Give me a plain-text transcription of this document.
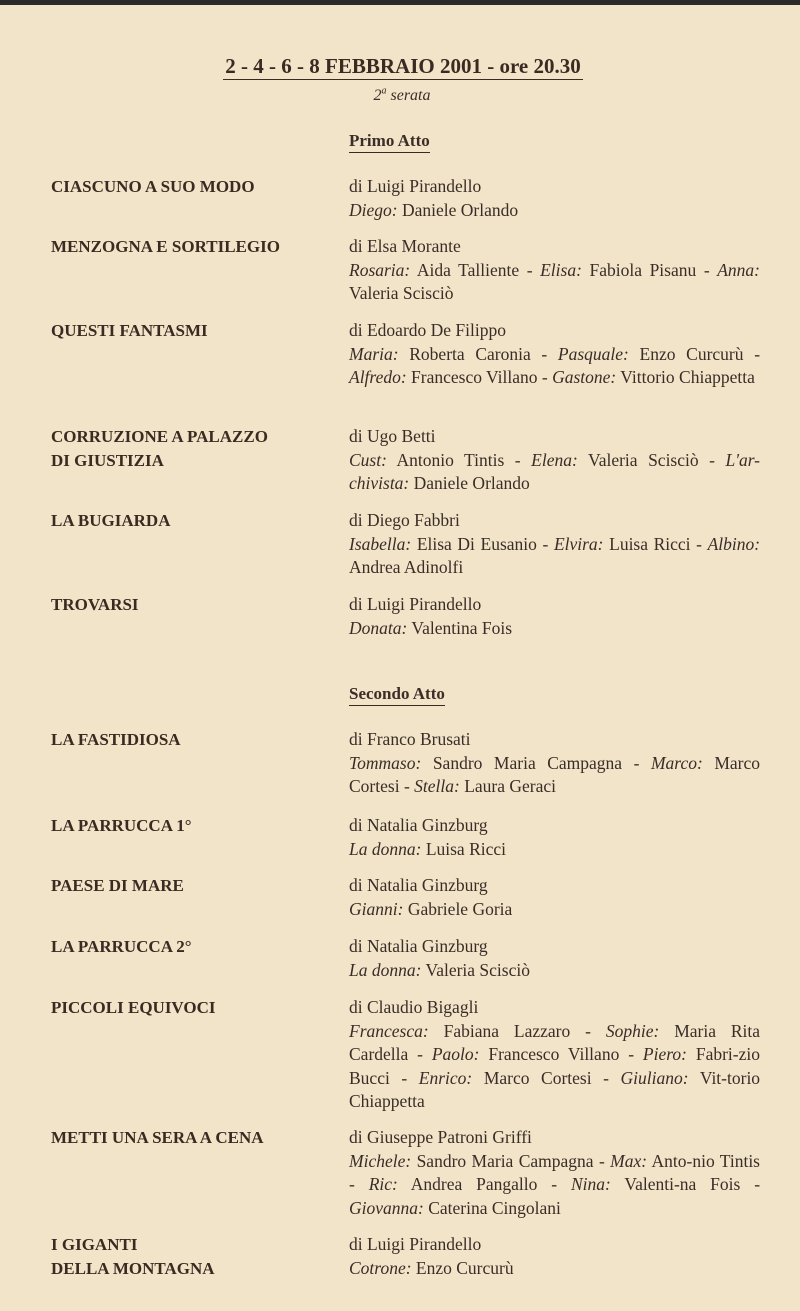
2 - 4 - 6 - 8 FEBBRAIO 2001 - ore 20.30
2$^a$ serata
Primo Atto
CIASCUNO A SUO MODO	di Luigi Pirandello
Diego: Daniele Orlando
MENZOGNA E SORTILEGIO	di Elsa Morante
Rosaria: Aida Talliente - Elisa: Fabiola Pisanu - Anna: Valeria Scisciò
QUESTI FANTASMI	di Edoardo De Filippo
Maria: Roberta Caronia - Pasquale: Enzo Curcurù - Alfredo: Francesco Villano - Gastone: Vittorio Chiappetta
CORRUZIONE A PALAZZO
DI GIUSTIZIA
di Ugo Betti
Cust: Antonio Tintis - Elena: Valeria Scisciò - L'ar-chivista: Daniele Orlando
LA BUGIARDA	di Diego Fabbri
Isabella: Elisa Di Eusanio - Elvira: Luisa Ricci - Albino: Andrea Adinolfi
TROVARSI	di Luigi Pirandello
Donata: Valentina Fois
Secondo Atto
LA FASTIDIOSA	di Franco Brusati
Tommaso: Sandro Maria Campagna - Marco: Marco Cortesi - Stella: Laura Geraci
LA PARRUCCA 1°	di Natalia Ginzburg
La donna: Luisa Ricci
PAESE DI MARE	di Natalia Ginzburg
Gianni: Gabriele Goria
LA PARRUCCA 2°	di Natalia Ginzburg
La donna: Valeria Scisciò
PICCOLI EQUIVOCI	di Claudio Bigagli
Francesca: Fabiana Lazzaro - Sophie: Maria Rita Cardella - Paolo: Francesco Villano - Piero: Fabri-zio Bucci - Enrico: Marco Cortesi - Giuliano: Vit-torio Chiappetta
METTI UNA SERA A CENA	di Giuseppe Patroni Griffi
Michele: Sandro Maria Campagna - Max: Anto-nio Tintis - Ric: Andrea Pangallo - Nina: Valenti-na Fois - Giovanna: Caterina Cingolani
I GIGANTI
DELLA MONTAGNA
di Luigi Pirandello
Cotrone: Enzo Curcurù
